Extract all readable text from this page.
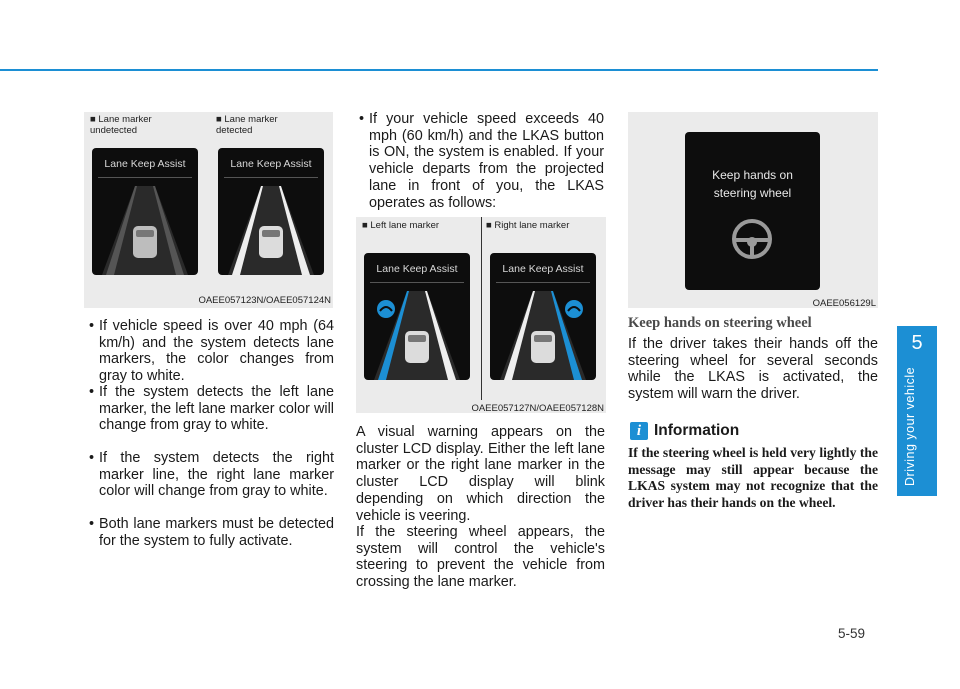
5
Driving your vehicle
■ Lane marker
undetected
■ Lane marker
detected
Lane Keep Assist	Lane Keep Assist
OAEE057123N/OAEE057124N
• If vehicle speed is over 40 mph (64 km/h) and the system detects lane markers, the color changes from gray to white.
• If the system detects the left lane marker, the left lane marker color will change from gray to white.
• If the system detects the right marker line, the right lane marker color will change from gray to white.
• Both lane markers must be detected for the system to fully activate.
• If your vehicle speed exceeds 40 mph (60 km/h) and the LKAS button is ON, the system is enabled. If your vehicle departs from the projected lane in front of you, the LKAS operates as follows:
■ Left lane marker	■ Right lane marker
Lane Keep Assist	Lane Keep Assist
OAEE057127N/OAEE057128N
A visual warning appears on the cluster LCD display. Either the left lane marker or the right lane marker in the cluster LCD display will blink depending on which direction the vehicle is veering.
If the steering wheel appears, the system will control the vehicle's steering to prevent the vehicle from crossing the lane marker.
Keep hands on
steering wheel
OAEE056129L
Keep hands on steering wheel
If the driver takes their hands off the steering wheel for several seconds while the LKAS is activated, the system will warn the driver.
i Information
If the steering wheel is held very lightly the message may still appear because the LKAS system may not recognize that the driver has their hands on the wheel.
5-59
